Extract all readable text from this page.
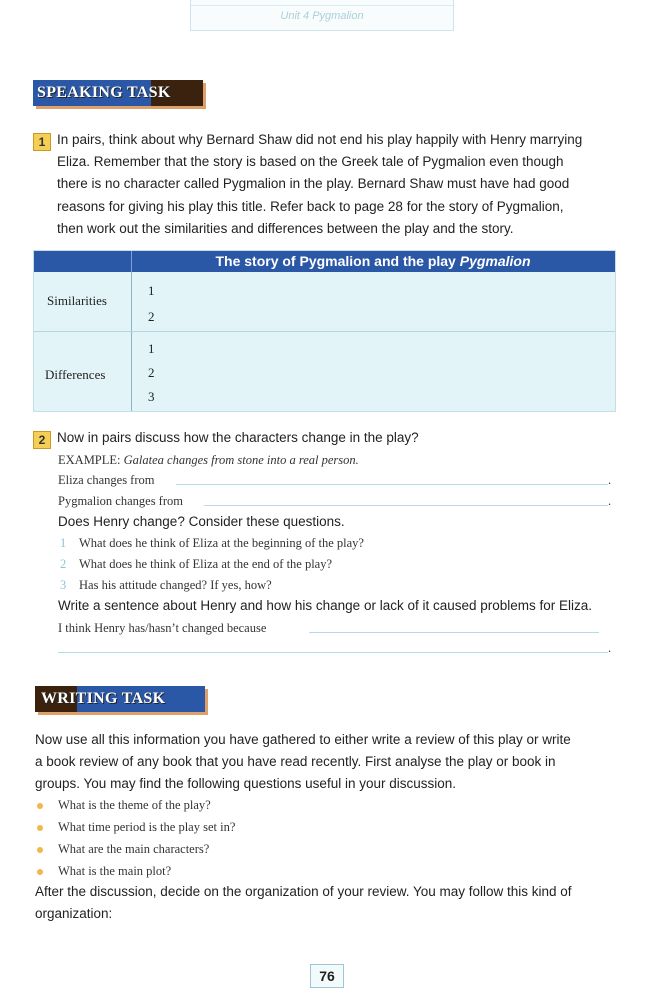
Unit 4 Pygmalion
SPEAKING TASK
1 In pairs, think about why Bernard Shaw did not end his play happily with Henry marrying
Eliza. Remember that the story is based on the Greek tale of Pygmalion even though
there is no character called Pygmalion in the play. Bernard Shaw must have had good
reasons for giving his play this title. Refer back to page 28 for the story of Pygmalion,
then work out the similarities and differences between the play and the story.
The story of Pygmalion and the play Pygmalion
Similarities
1
2
Differences
1
2
3
2 Now in pairs discuss how the characters change in the play?
EXAMPLE: Galatea changes from stone into a real person.
Eliza changes from	.
Pygmalion changes from	.
Does Henry change? Consider these questions.
1 What does he think of Eliza at the beginning of the play?
2 What does he think of Eliza at the end of the play?
3 Has his attitude changed? If yes, how?
Write a sentence about Henry and how his change or lack of it caused problems for Eliza.
I think Henry has/hasn’t changed because
.
WRITING TASK
Now use all this information you have gathered to either write a review of this play or write
a book review of any book that you have read recently. First analyse the play or book in
groups. You may find the following questions useful in your discussion.
What is the theme of the play?
What time period is the play set in?
What are the main characters?
What is the main plot?
After the discussion, decide on the organization of your review. You may follow this kind of
organization:
76
